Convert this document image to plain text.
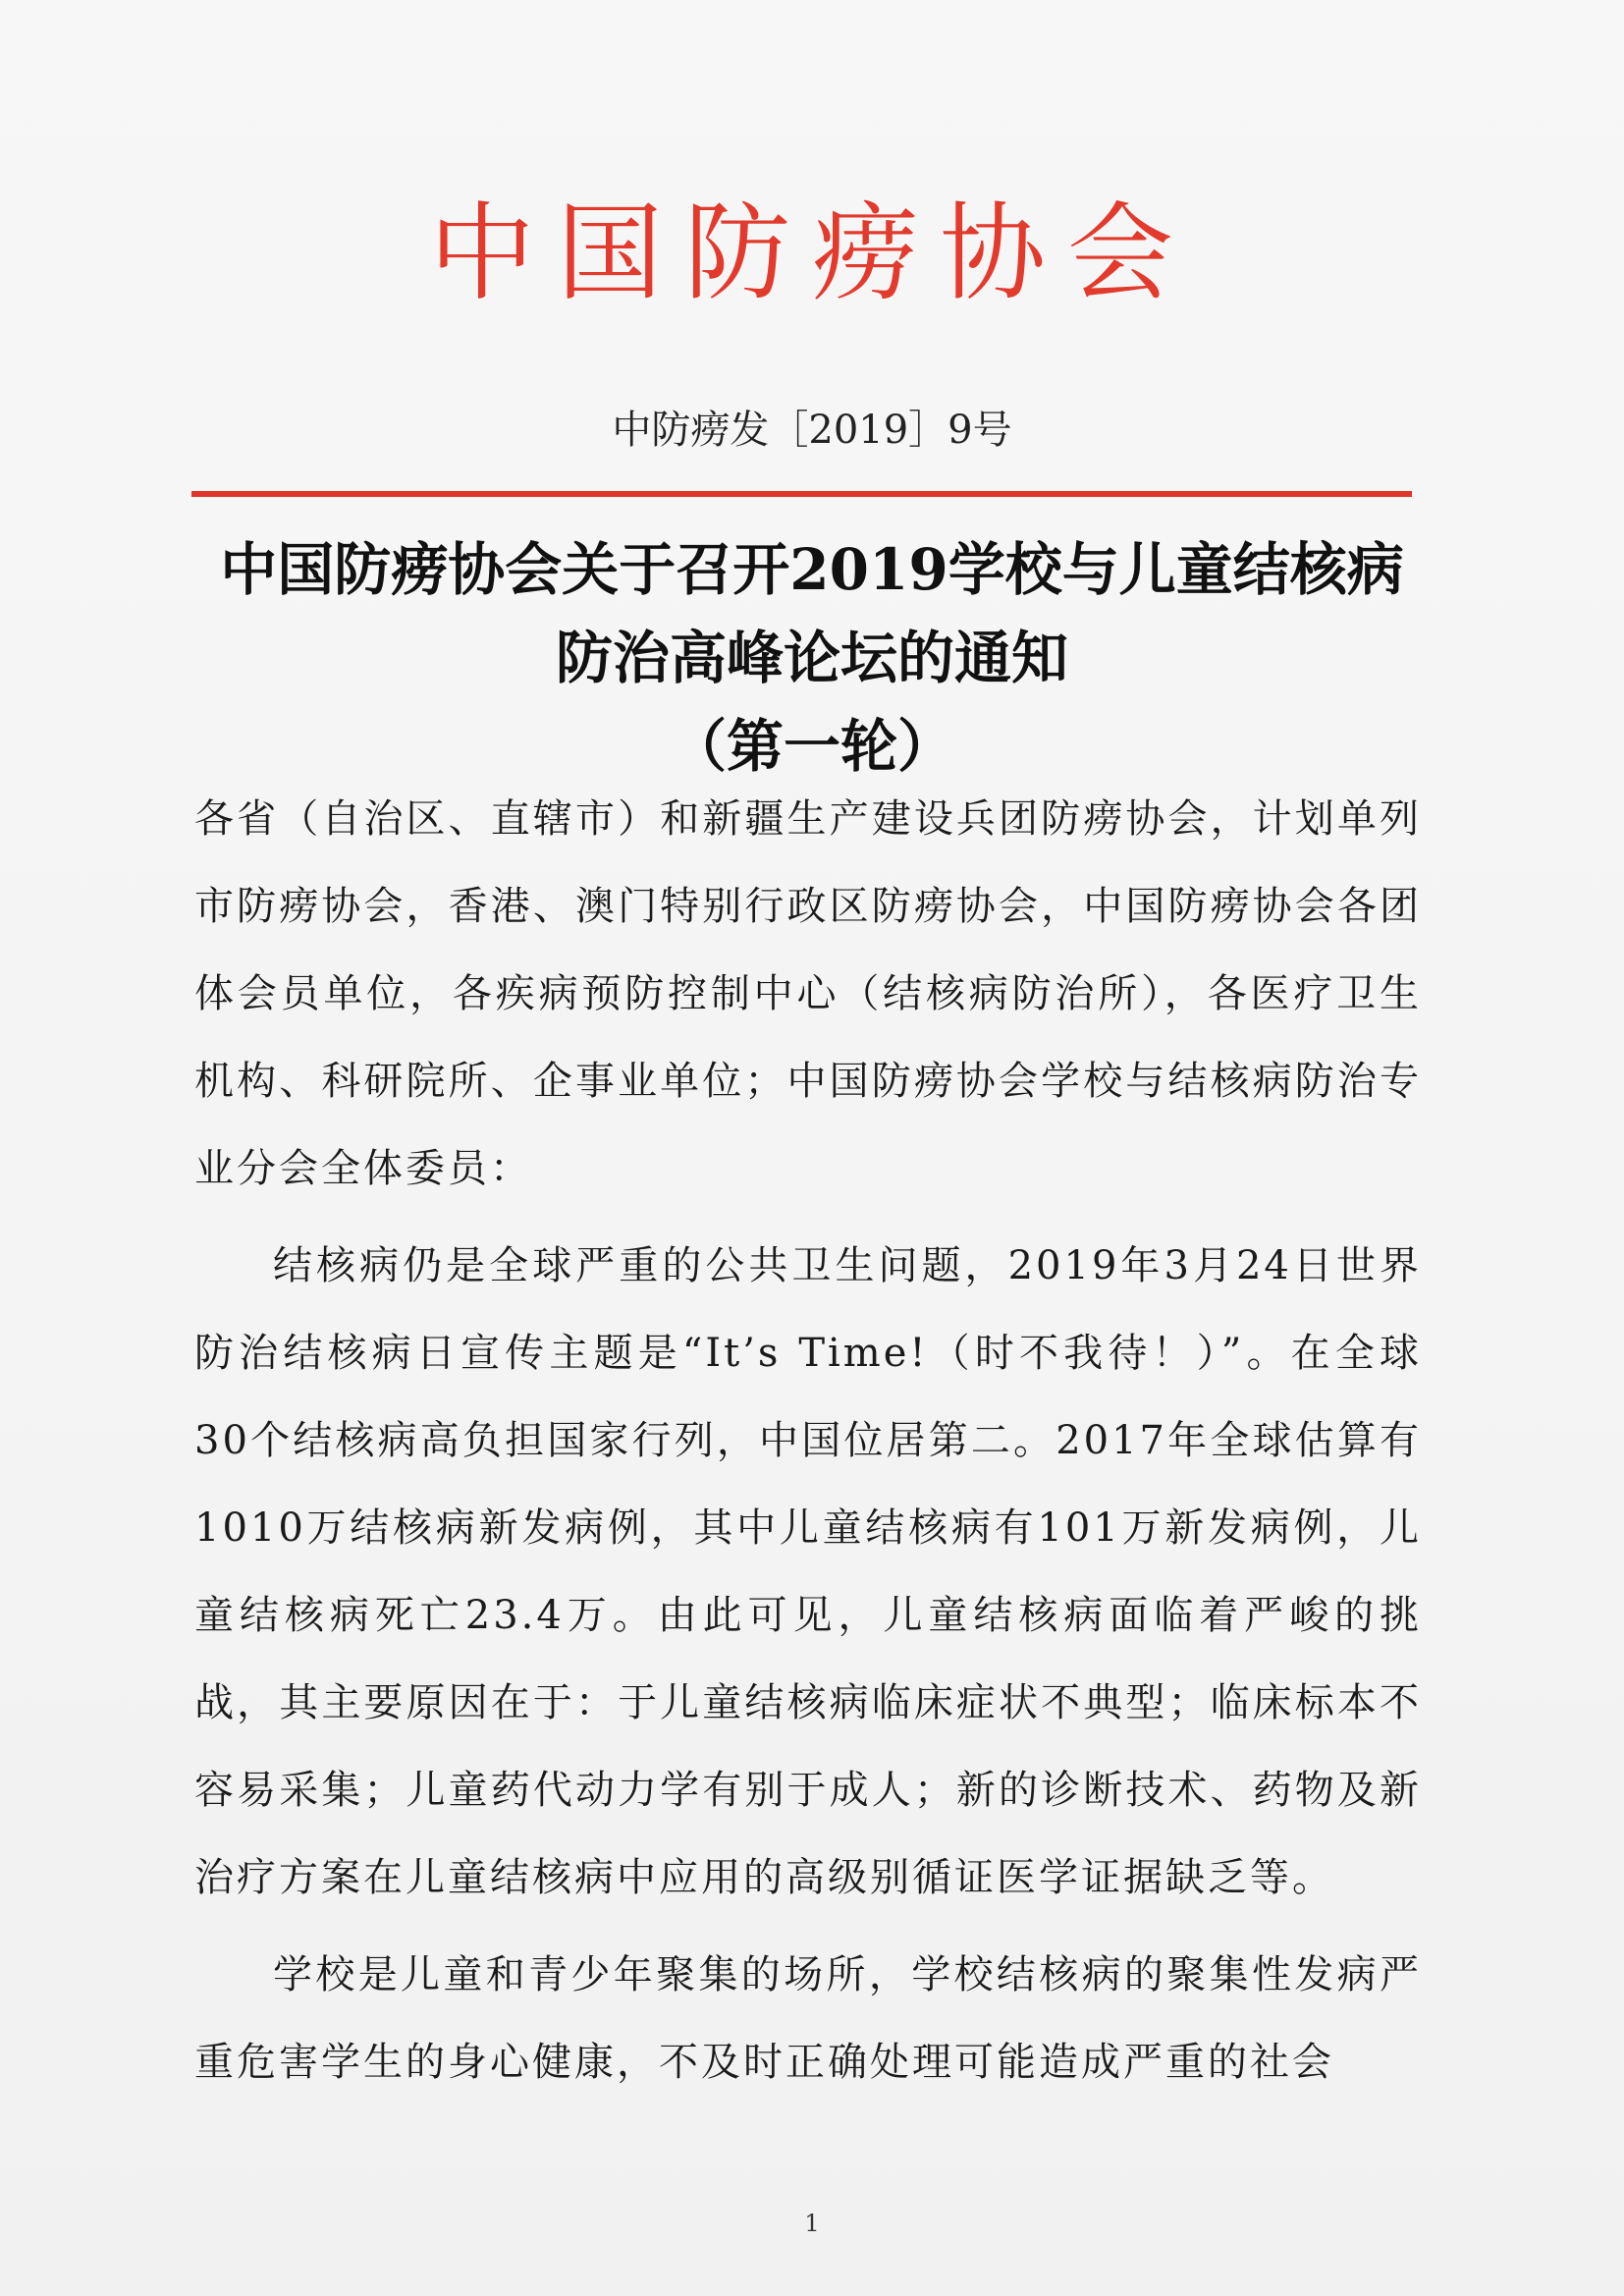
中国防痨协会
中防痨发［2019］9号
中国防痨协会关于召开2019学校与儿童结核病
防治高峰论坛的通知
（第一轮）

各省（自治区、直辖市）和新疆生产建设兵团防痨协会，计划单列市防痨协会，香港、澳门特别行政区防痨协会，中国防痨协会各团体会员单位，各疾病预防控制中心（结核病防治所），各医疗卫生机构、科研院所、企事业单位；中国防痨协会学校与结核病防治专业分会全体委员：

结核病仍是全球严重的公共卫生问题，2019年3月24日世界防治结核病日宣传主题是“It’s Time!（时不我待！）”。在全球30个结核病高负担国家行列，中国位居第二。2017年全球估算有1010万结核病新发病例，其中儿童结核病有101万新发病例，儿童结核病死亡23.4万。由此可见，儿童结核病面临着严峻的挑战，其主要原因在于：于儿童结核病临床症状不典型；临床标本不容易采集；儿童药代动力学有别于成人；新的诊断技术、药物及新治疗方案在儿童结核病中应用的高级别循证医学证据缺乏等。

学校是儿童和青少年聚集的场所，学校结核病的聚集性发病严重危害学生的身心健康，不及时正确处理可能造成严重的社会

1
